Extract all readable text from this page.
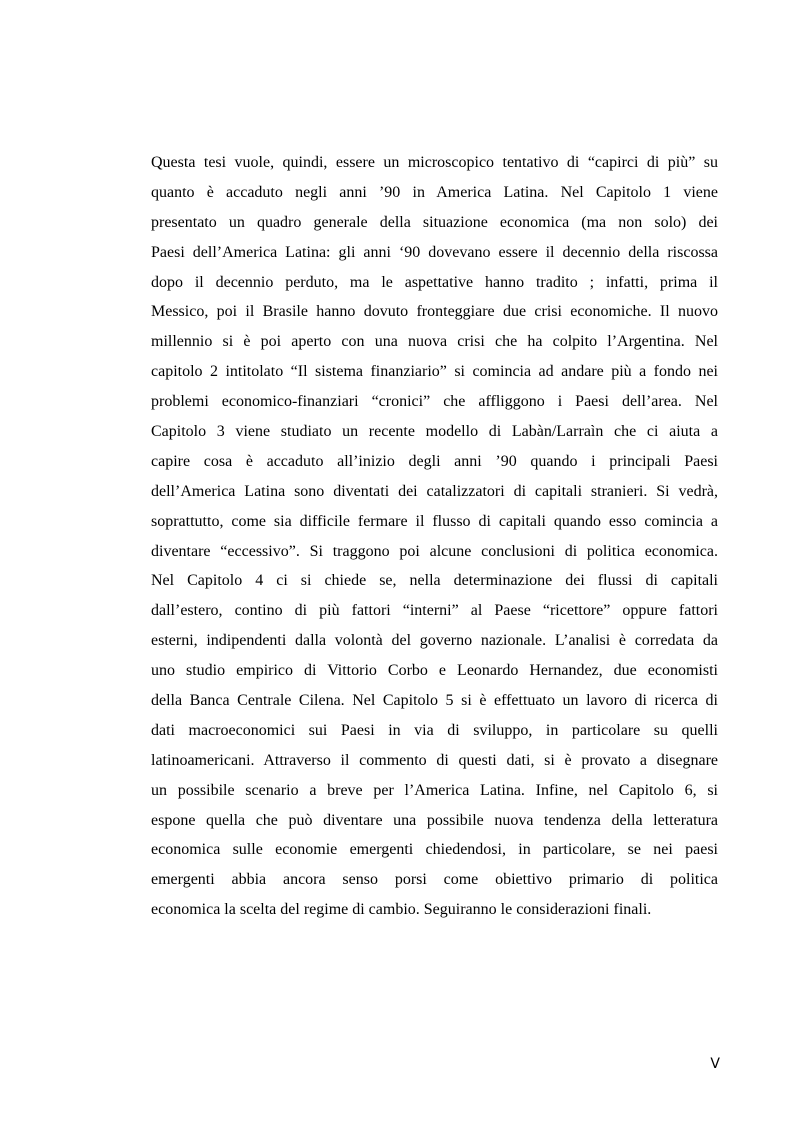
Questa tesi vuole, quindi, essere un microscopico tentativo di “capirci di più” su
quanto è accaduto negli anni ’90 in America Latina. Nel Capitolo 1 viene
presentato un quadro generale della situazione economica (ma non solo) dei
Paesi dell’America Latina: gli anni ‘90 dovevano essere il decennio della riscossa
dopo il decennio perduto, ma le aspettative hanno tradito ; infatti, prima il
Messico, poi il Brasile hanno dovuto fronteggiare due crisi economiche. Il nuovo
millennio si è poi aperto con una nuova crisi che ha colpito l’Argentina. Nel
capitolo 2 intitolato “Il sistema finanziario” si comincia ad andare più a fondo nei
problemi economico-finanziari “cronici” che affliggono i Paesi dell’area. Nel
Capitolo 3 viene studiato un recente modello di Labàn/Larraìn che ci aiuta a
capire cosa è accaduto all’inizio degli anni ’90 quando i principali Paesi
dell’America Latina sono diventati dei catalizzatori di capitali stranieri. Si vedrà,
soprattutto, come sia difficile fermare il flusso di capitali quando esso comincia a
diventare “eccessivo”. Si traggono poi alcune conclusioni di politica economica.
Nel Capitolo 4 ci si chiede se, nella determinazione dei flussi di capitali
dall’estero, contino di più fattori “interni” al Paese “ricettore” oppure fattori
esterni, indipendenti dalla volontà del governo nazionale. L’analisi è corredata da
uno studio empirico di Vittorio Corbo e Leonardo Hernandez, due economisti
della Banca Centrale Cilena. Nel Capitolo 5 si è effettuato un lavoro di ricerca di
dati macroeconomici sui Paesi in via di sviluppo, in particolare su quelli
latinoamericani. Attraverso il commento di questi dati, si è provato a disegnare
un possibile scenario a breve per l’America Latina. Infine, nel Capitolo 6, si
espone quella che può diventare una possibile nuova tendenza della letteratura
economica sulle economie emergenti chiedendosi, in particolare, se nei paesi
emergenti abbia ancora senso porsi come obiettivo primario di politica
economica la scelta del regime di cambio. Seguiranno le considerazioni finali.
V
